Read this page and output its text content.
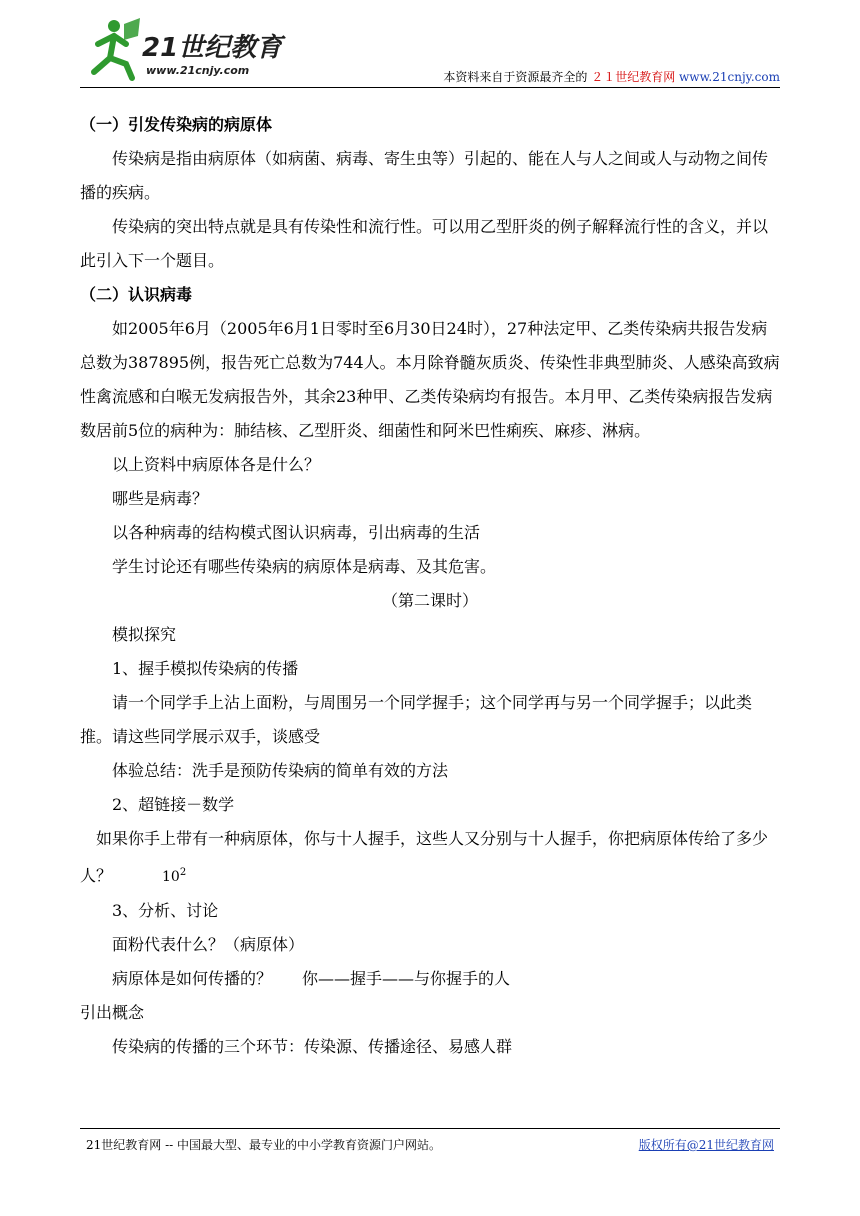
21世纪教育
www.21cnjy.com	本资料来自于资源最齐全的 ２１世纪教育网 www.21cnjy.com

（一）引发传染病的病原体

传染病是指由病原体（如病菌、病毒、寄生虫等）引起的、能在人与人之间或人与动物之间传播的疾病。

传染病的突出特点就是具有传染性和流行性。可以用乙型肝炎的例子解释流行性的含义，并以此引入下一个题目。

（二）认识病毒

如2005年6月（2005年6月1日零时至6月30日24时），27种法定甲、乙类传染病共报告发病总数为387895例，报告死亡总数为744人。本月除脊髓灰质炎、传染性非典型肺炎、人感染高致病性禽流感和白喉无发病报告外，其余23种甲、乙类传染病均有报告。本月甲、乙类传染病报告发病数居前5位的病种为：肺结核、乙型肝炎、细菌性和阿米巴性痢疾、麻疹、淋病。

以上资料中病原体各是什么？

哪些是病毒？

以各种病毒的结构模式图认识病毒，引出病毒的生活

学生讨论还有哪些传染病的病原体是病毒、及其危害。

（第二课时）

模拟探究

1、握手模拟传染病的传播

请一个同学手上沾上面粉，与周围另一个同学握手；这个同学再与另一个同学握手；以此类推。请这些同学展示双手，谈感受

体验总结：洗手是预防传染病的简单有效的方法

2、超链接－数学

如果你手上带有一种病原体，你与十人握手，这些人又分别与十人握手，你把病原体传给了多少人？	$10^2$

3、分析、讨论

面粉代表什么？（病原体）

病原体是如何传播的？ 你——握手——与你握手的人

引出概念

传染病的传播的三个环节：传染源、传播途径、易感人群

21世纪教育网 -- 中国最大型、最专业的中小学教育资源门户网站。	版权所有@21世纪教育网
